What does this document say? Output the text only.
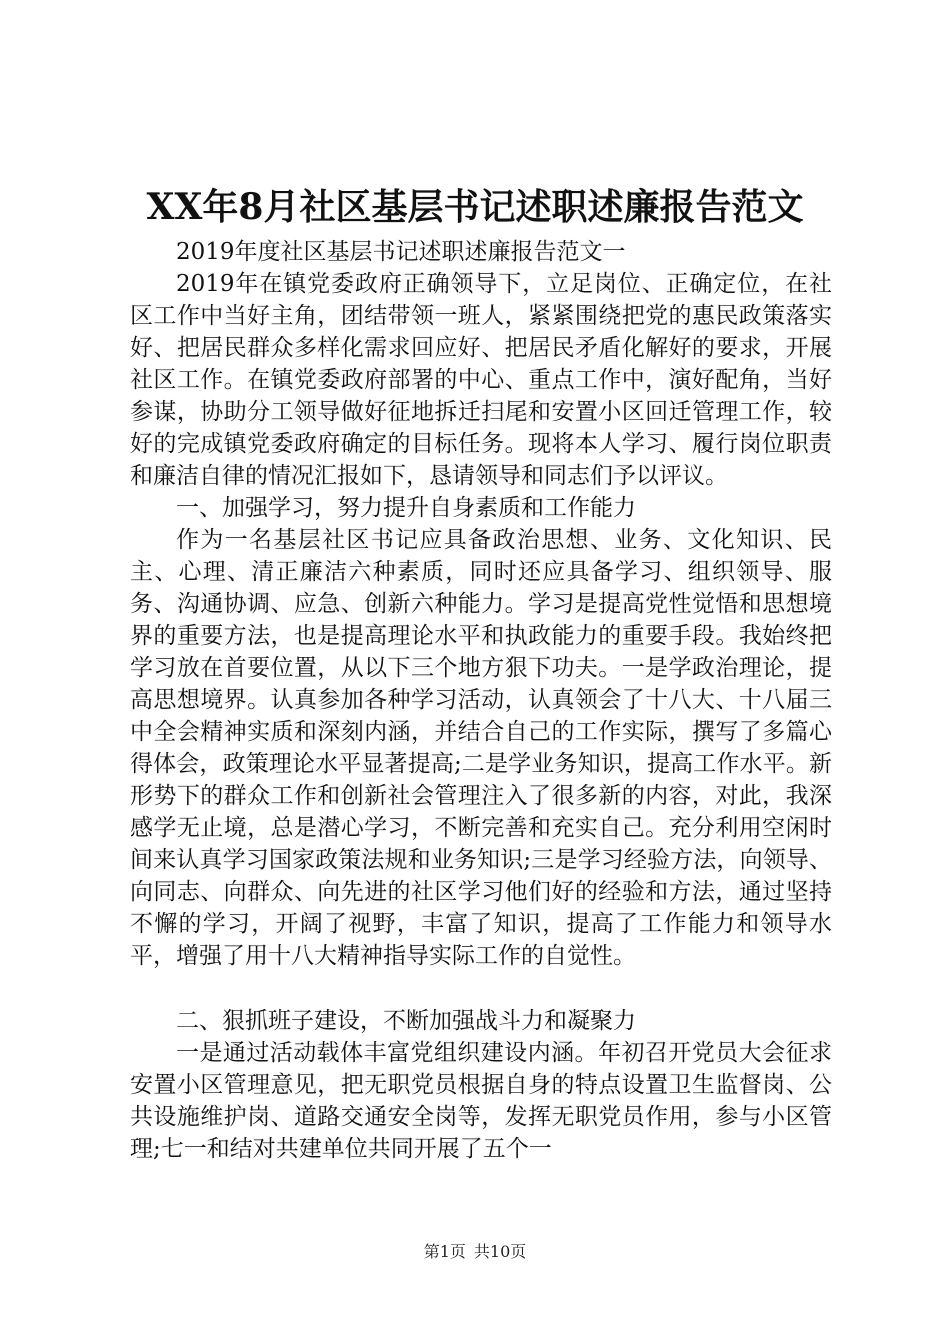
XX年8月社区基层书记述职述廉报告范文

2019年度社区基层书记述职述廉报告范文一

2019年在镇党委政府正确领导下，立足岗位、正确定位，在社区工作中当好主角，团结带领一班人，紧紧围绕把党的惠民政策落实好、把居民群众多样化需求回应好、把居民矛盾化解好的要求，开展社区工作。在镇党委政府部署的中心、重点工作中，演好配角，当好参谋，协助分工领导做好征地拆迁扫尾和安置小区回迁管理工作，较好的完成镇党委政府确定的目标任务。现将本人学习、履行岗位职责和廉洁自律的情况汇报如下，恳请领导和同志们予以评议。

一、加强学习，努力提升自身素质和工作能力

作为一名基层社区书记应具备政治思想、业务、文化知识、民主、心理、清正廉洁六种素质，同时还应具备学习、组织领导、服务、沟通协调、应急、创新六种能力。学习是提高党性觉悟和思想境界的重要方法，也是提高理论水平和执政能力的重要手段。我始终把学习放在首要位置，从以下三个地方狠下功夫。一是学政治理论，提高思想境界。认真参加各种学习活动，认真领会了十八大、十八届三中全会精神实质和深刻内涵，并结合自己的工作实际，撰写了多篇心得体会，政策理论水平显著提高;二是学业务知识，提高工作水平。新形势下的群众工作和创新社会管理注入了很多新的内容，对此，我深感学无止境，总是潜心学习，不断完善和充实自己。充分利用空闲时间来认真学习国家政策法规和业务知识;三是学习经验方法，向领导、向同志、向群众、向先进的社区学习他们好的经验和方法，通过坚持不懈的学习，开阔了视野，丰富了知识，提高了工作能力和领导水平，增强了用十八大精神指导实际工作的自觉性。

二、狠抓班子建设，不断加强战斗力和凝聚力

一是通过活动载体丰富党组织建设内涵。年初召开党员大会征求安置小区管理意见，把无职党员根据自身的特点设置卫生监督岗、公共设施维护岗、道路交通安全岗等，发挥无职党员作用，参与小区管理;七一和结对共建单位共同开展了五个一

第1页 共10页
